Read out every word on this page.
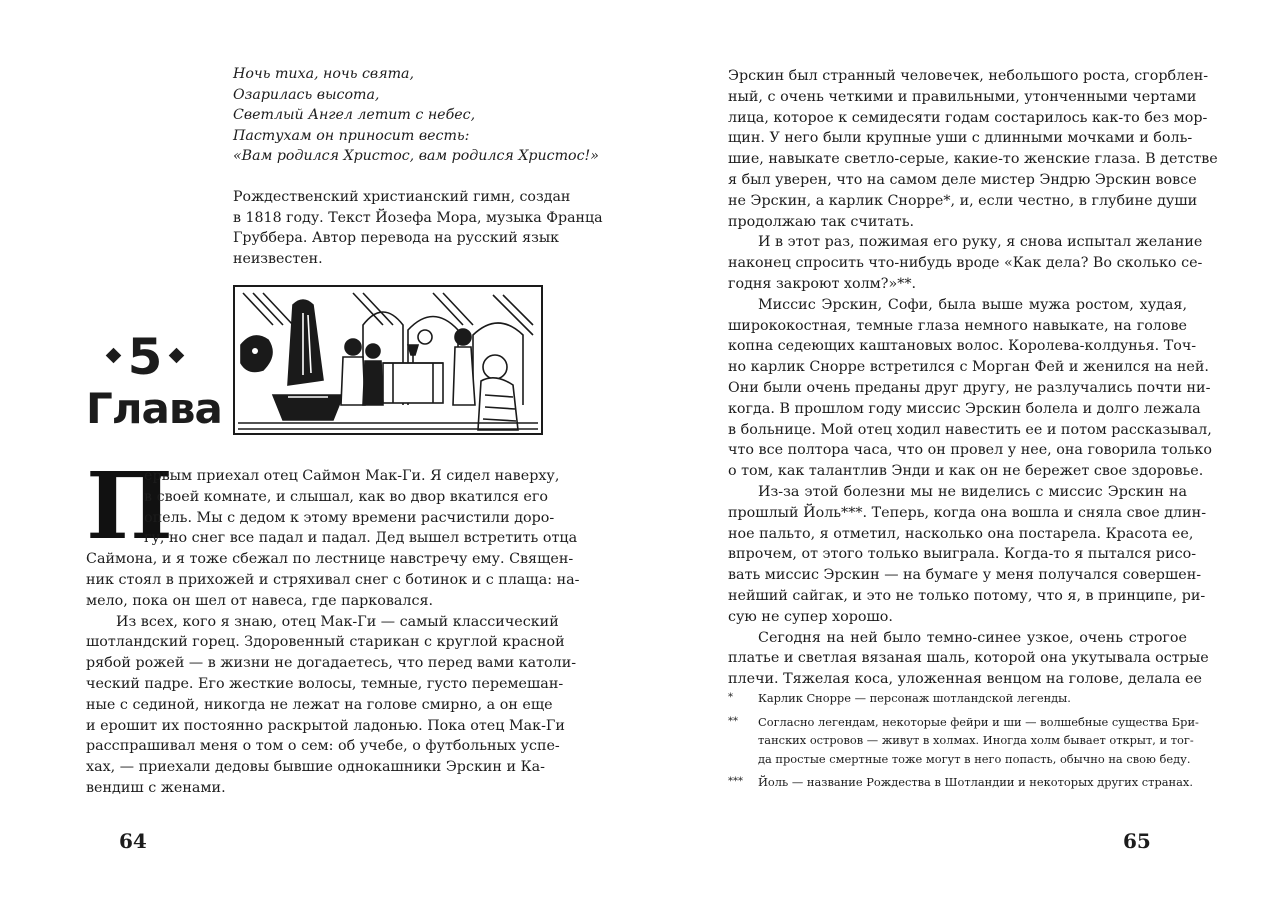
Ночь тиха, ночь свята,
Озарилась высота,
Светлый Ангел летит с небес,
Пастухам он приносит весть:
«Вам родился Христос, вам родился Христос!»
Рождественский христианский гимн, создан
в 1818 году. Текст Йозефа Мора, музыка Франца
Груббера. Автор перевода на русский язык
неизвестен.
5
Глава
П
ервым приехал отец Саймон Мак-Ги. Я сидел наверху,
в своей комнате, и слышал, как во двор вкатился его
опель. Мы с дедом к этому времени расчистили доро-
гу, но снег все падал и падал. Дед вышел встретить отца
Саймона, и я тоже сбежал по лестнице навстречу ему. Священ-
ник стоял в прихожей и стряхивал снег с ботинок и с плаща: на-
мело, пока он шел от навеса, где парковался.
Из всех, кого я знаю, отец Мак-Ги — самый классический
шотландский горец. Здоровенный старикан с круглой красной
рябой рожей — в жизни не догадаетесь, что перед вами католи-
ческий падре. Его жесткие волосы, темные, густо перемешан-
ные с сединой, никогда не лежат на голове смирно, а он еще
и ерошит их постоянно раскрытой ладонью. Пока отец Мак-Ги
расспрашивал меня о том о сем: об учебе, о футбольных успе-
хах, — приехали дедовы бывшие однокашники Эрскин и Ка-
вендиш с женами.
64
Эрскин был странный человечек, небольшого роста, сгорблен-
ный, с очень четкими и правильными, утонченными чертами
лица, которое к семидесяти годам состарилось как-то без мор-
щин. У него были крупные уши с длинными мочками и боль-
шие, навыкате светло-серые, какие-то женские глаза. В детстве
я был уверен, что на самом деле мистер Эндрю Эрскин вовсе
не Эрскин, а карлик Снорре*, и, если честно, в глубине души
продолжаю так считать.
И в этот раз, пожимая его руку, я снова испытал желание
наконец спросить что-нибудь вроде «Как дела? Во сколько се-
годня закроют холм?»**.
Миссис Эрскин, Софи, была выше мужа ростом, худая,
ширококостная, темные глаза немного навыкате, на голове
копна седеющих каштановых волос. Королева-колдунья. Точ-
но карлик Снорре встретился с Морган Фей и женился на ней.
Они были очень преданы друг другу, не разлучались почти ни-
когда. В прошлом году миссис Эрскин болела и долго лежала
в больнице. Мой отец ходил навестить ее и потом рассказывал,
что все полтора часа, что он провел у нее, она говорила только
о том, как талантлив Энди и как он не бережет свое здоровье.
Из-за этой болезни мы не виделись с миссис Эрскин на
прошлый Йоль***. Теперь, когда она вошла и сняла свое длин-
ное пальто, я отметил, насколько она постарела. Красота ее,
впрочем, от этого только выиграла. Когда-то я пытался рисо-
вать миссис Эрскин — на бумаге у меня получался совершен-
нейший сайгак, и это не только потому, что я, в принципе, ри-
сую не супер хорошо.
Сегодня на ней было темно-синее узкое, очень строгое
платье и светлая вязаная шаль, которой она укутывала острые
плечи. Тяжелая коса, уложенная венцом на голове, делала ее
* Карлик Снорре — персонаж шотландской легенды.
** Согласно легендам, некоторые фейри и ши — волшебные существа Бри-
танских островов — живут в холмах. Иногда холм бывает открыт, и тог-
да простые смертные тоже могут в него попасть, обычно на свою беду.
*** Йоль — название Рождества в Шотландии и некоторых других странах.
65
